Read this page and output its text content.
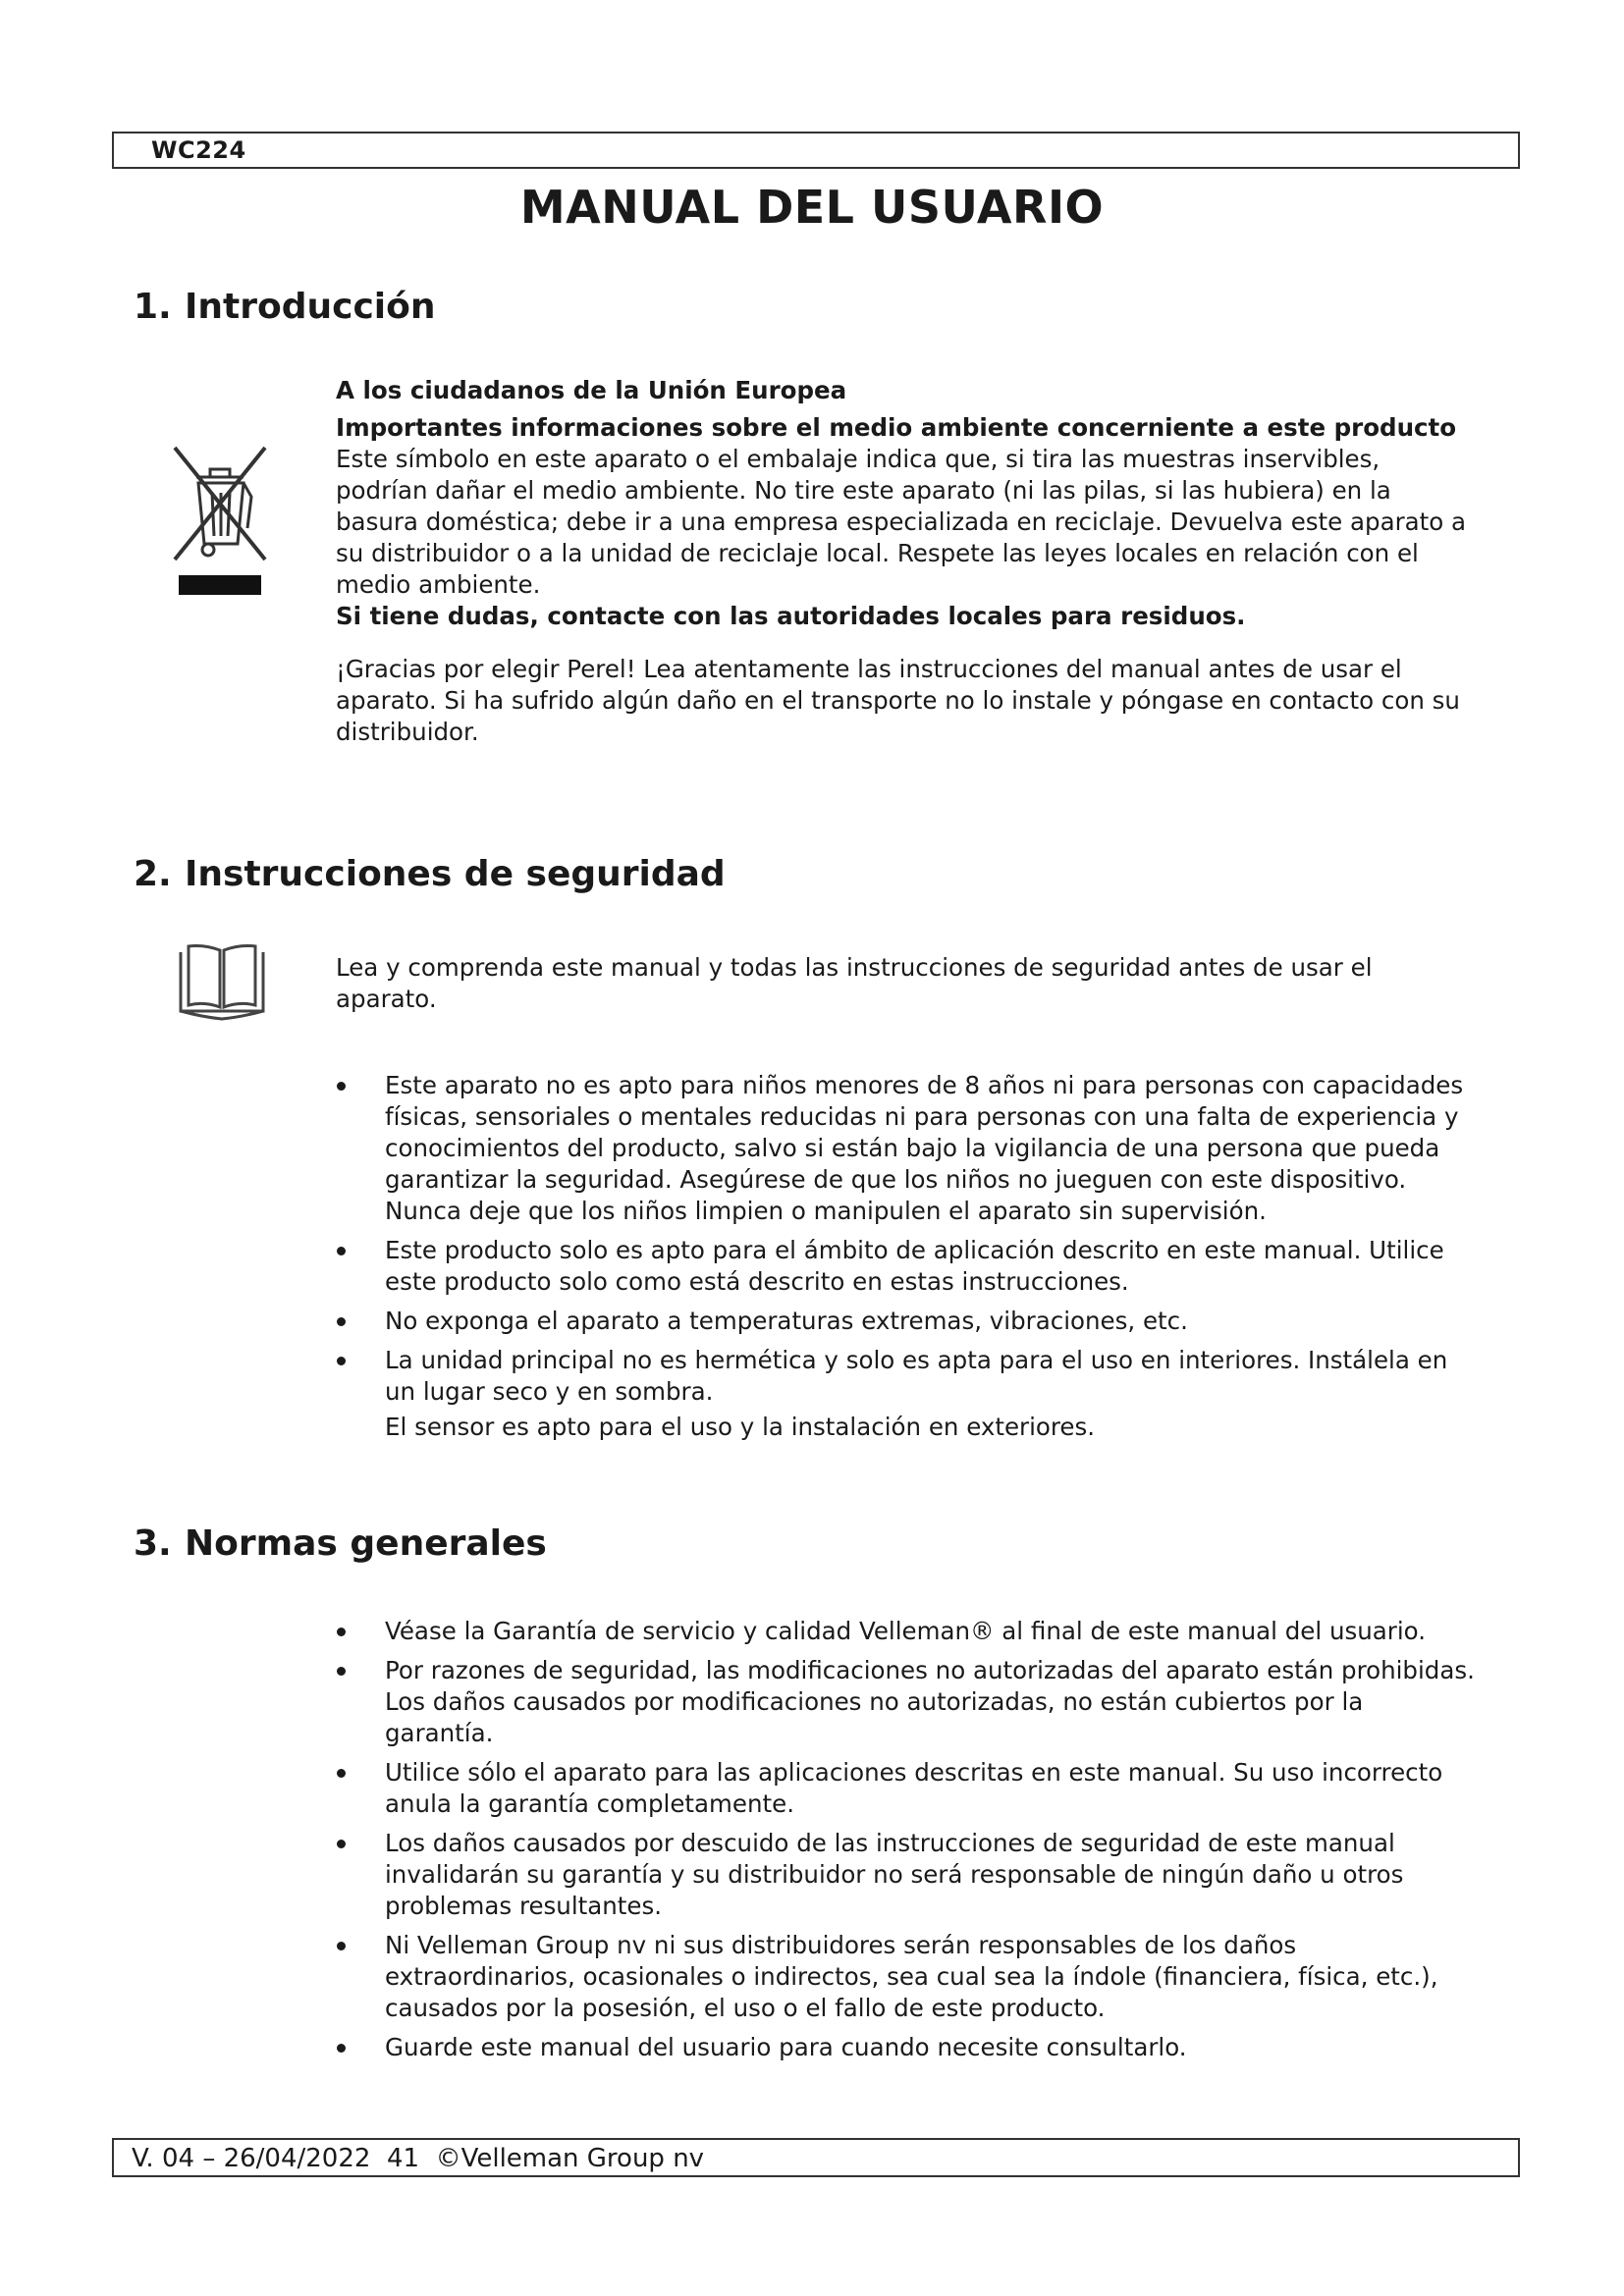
WC224
MANUAL DEL USUARIO
1. Introducción

A los ciudadanos de la Unión Europea

Importantes informaciones sobre el medio ambiente concerniente a este producto

Este símbolo en este aparato o el embalaje indica que, si tira las muestras inservibles, podrían dañar el medio ambiente. No tire este aparato (ni las pilas, si las hubiera) en la basura doméstica; debe ir a una empresa especializada en reciclaje. Devuelva este aparato a su distribuidor o a la unidad de reciclaje local. Respete las leyes locales en relación con el medio ambiente.

Si tiene dudas, contacte con las autoridades locales para residuos.

¡Gracias por elegir Perel! Lea atentamente las instrucciones del manual antes de usar el aparato. Si ha sufrido algún daño en el transporte no lo instale y póngase en contacto con su distribuidor.

2. Instrucciones de seguridad

Lea y comprenda este manual y todas las instrucciones de seguridad antes de usar el aparato.

Este aparato no es apto para niños menores de 8 años ni para personas con capacidades físicas, sensoriales o mentales reducidas ni para personas con una falta de experiencia y conocimientos del producto, salvo si están bajo la vigilancia de una persona que pueda garantizar la seguridad. Asegúrese de que los niños no jueguen con este dispositivo. Nunca deje que los niños limpien o manipulen el aparato sin supervisión.
Este producto solo es apto para el ámbito de aplicación descrito en este manual. Utilice este producto solo como está descrito en estas instrucciones.
No exponga el aparato a temperaturas extremas, vibraciones, etc.
La unidad principal no es hermética y solo es apta para el uso en interiores. Instálela en un lugar seco y en sombra.
El sensor es apto para el uso y la instalación en exteriores.
3. Normas generales
Véase la Garantía de servicio y calidad Velleman® al final de este manual del usuario.
Por razones de seguridad, las modificaciones no autorizadas del aparato están prohibidas. Los daños causados por modificaciones no autorizadas, no están cubiertos por la garantía.
Utilice sólo el aparato para las aplicaciones descritas en este manual. Su uso incorrecto anula la garantía completamente.
Los daños causados por descuido de las instrucciones de seguridad de este manual invalidarán su garantía y su distribuidor no será responsable de ningún daño u otros problemas resultantes.
Ni Velleman Group nv ni sus distribuidores serán responsables de los daños extraordinarios, ocasionales o indirectos, sea cual sea la índole (financiera, física, etc.), causados por la posesión, el uso o el fallo de este producto.
Guarde este manual del usuario para cuando necesite consultarlo.
V. 04 – 26/04/2022  41  ©Velleman Group nv
